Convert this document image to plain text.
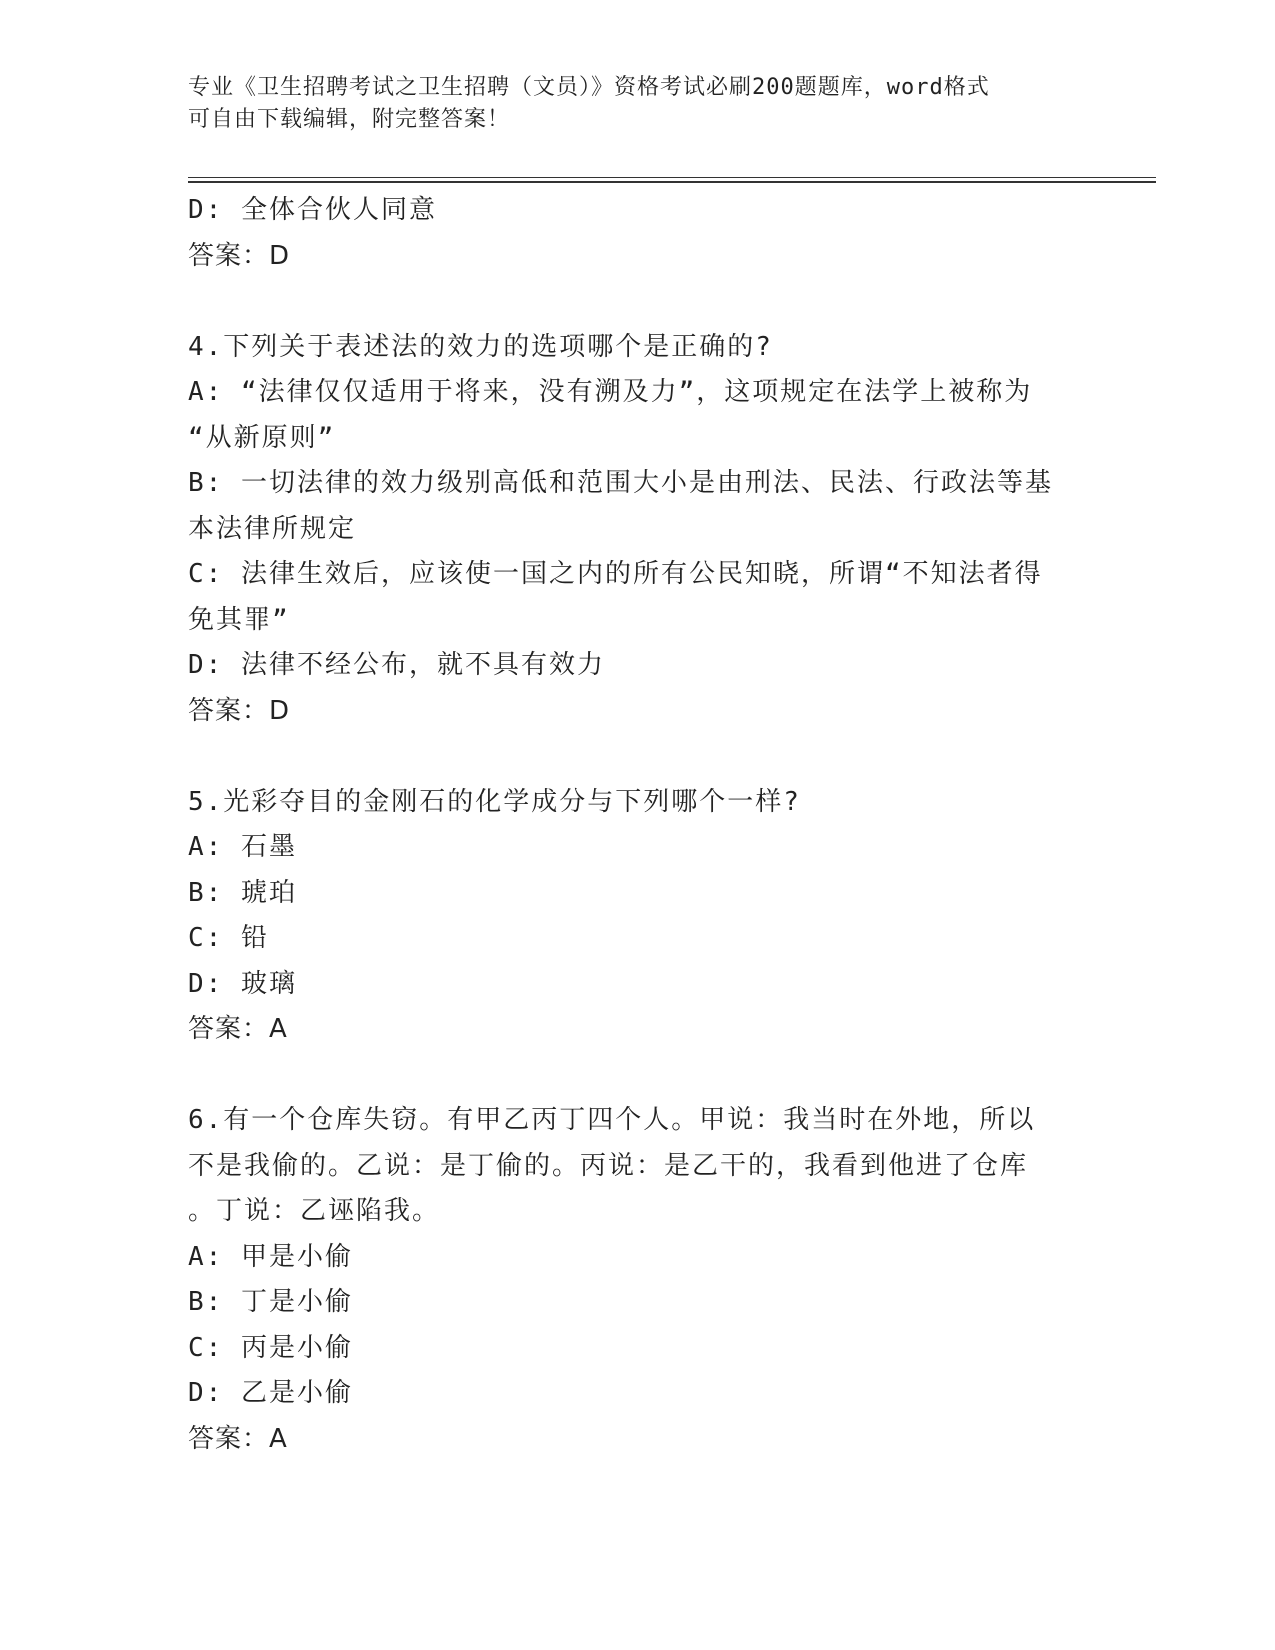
专业《卫生招聘考试之卫生招聘（文员）》资格考试必刷200题题库，word格式
可自由下载编辑，附完整答案！
D: 全体合伙人同意
答案：D
4.下列关于表述法的效力的选项哪个是正确的?
A: “法律仅仅适用于将来，没有溯及力”，这项规定在法学上被称为
“从新原则”
B: 一切法律的效力级别高低和范围大小是由刑法、民法、行政法等基
本法律所规定
C: 法律生效后，应该使一国之内的所有公民知晓，所谓“不知法者得
免其罪”
D: 法律不经公布，就不具有效力
答案：D
5.光彩夺目的金刚石的化学成分与下列哪个一样?
A: 石墨
B: 琥珀
C: 铅
D: 玻璃
答案：A
6.有一个仓库失窃。有甲乙丙丁四个人。甲说：我当时在外地，所以
不是我偷的。乙说：是丁偷的。丙说：是乙干的，我看到他进了仓库
。丁说：乙诬陷我。
A: 甲是小偷
B: 丁是小偷
C: 丙是小偷
D: 乙是小偷
答案：A
